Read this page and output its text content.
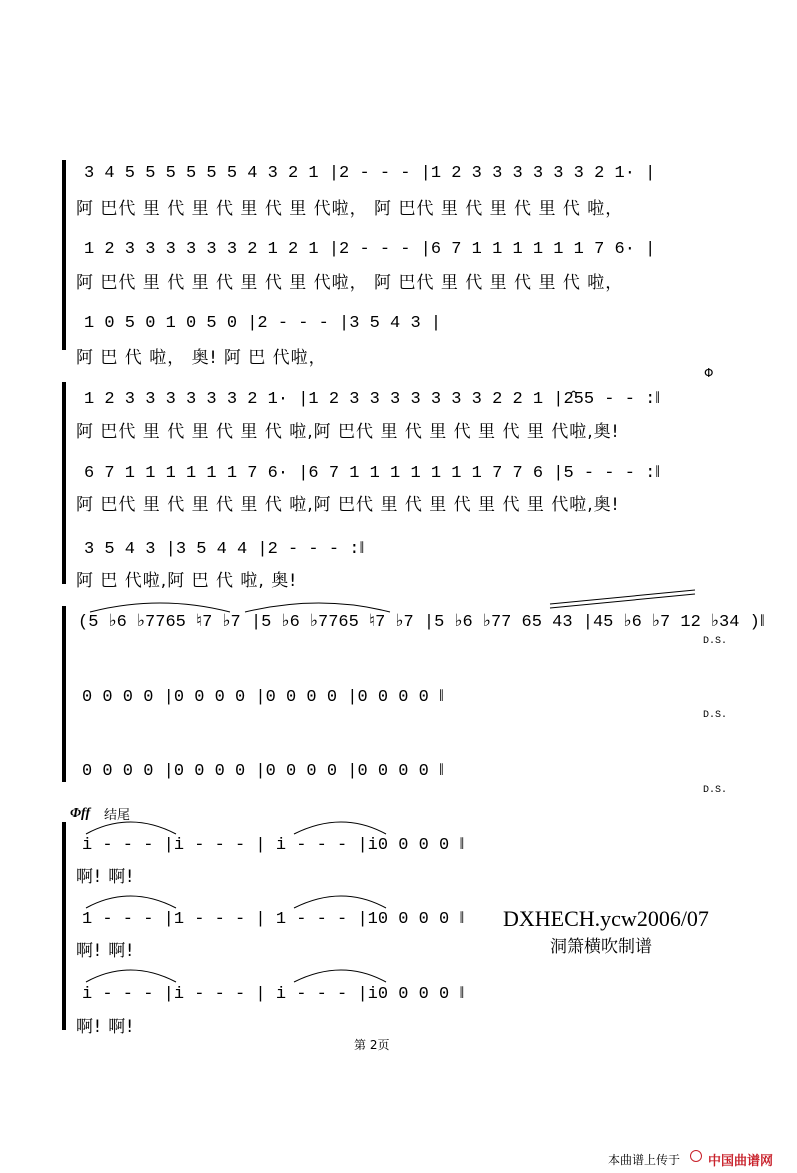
3 4 5 5 5 5 5 5 4 3 2 1 |2 - - - |1 2 3 3 3 3 3 3 2 1· |
阿 巴代 里 代 里 代 里 代 里 代啦， 阿 巴代 里 代 里 代 里 代 啦，
1 2 3 3 3 3 3 3 2 1 2 1 |2 - - - |6 7 1 1 1 1 1 1 7 6· |
阿 巴代 里 代 里 代 里 代 里 代啦， 阿 巴代 里 代 里 代 里 代 啦，
1 0 5 0 1 0 5 0 |2 - - - |3 5 4 3 |
阿 巴 代 啦， 奥! 阿 巴 代啦，
Φ
1 2 3 3 3 3 3 3 2 1· |1 2 3 3 3 3 3 3 3 2 2 1 |2̂55 - - :‖
阿 巴代 里 代 里 代 里 代 啦,阿 巴代 里 代 里 代 里 代 里 代啦,奥!
6 7 1 1 1 1 1 1 7 6· |6 7 1 1 1 1 1 1 1 7 7 6 |5 - - - :‖
阿 巴代 里 代 里 代 里 代 啦,阿 巴代 里 代 里 代 里 代 里 代啦,奥!
3 5 4 3 |3 5 4 4 |2 - - - :‖
阿 巴 代啦,阿 巴 代 啦, 奥!
(5 ♭6 ♭7765 ♮7 ♭7 |5 ♭6 ♭7765 ♮7 ♭7 |5 ♭6 ♭77 65 43 |45 ♭6 ♭7 12 ♭34 )‖
D.S.
0 0 0 0 |0 0 0 0 |0 0 0 0 |0 0 0 0 ‖
D.S.
0 0 0 0 |0 0 0 0 |0 0 0 0 |0 0 0 0 ‖
D.S.
Φff 结尾
i - - - |i - - - | i - - - |i0 0 0 0 ‖
啊! 啊!
1 - - - |1 - - - | 1 - - - |10 0 0 0 ‖
啊! 啊!
i - - - |i - - - | i - - - |i0 0 0 0 ‖
啊! 啊!
DXHECH.ycw2006/07
洞箫横吹制谱
第 2页
本曲谱上传于 中国曲谱网
